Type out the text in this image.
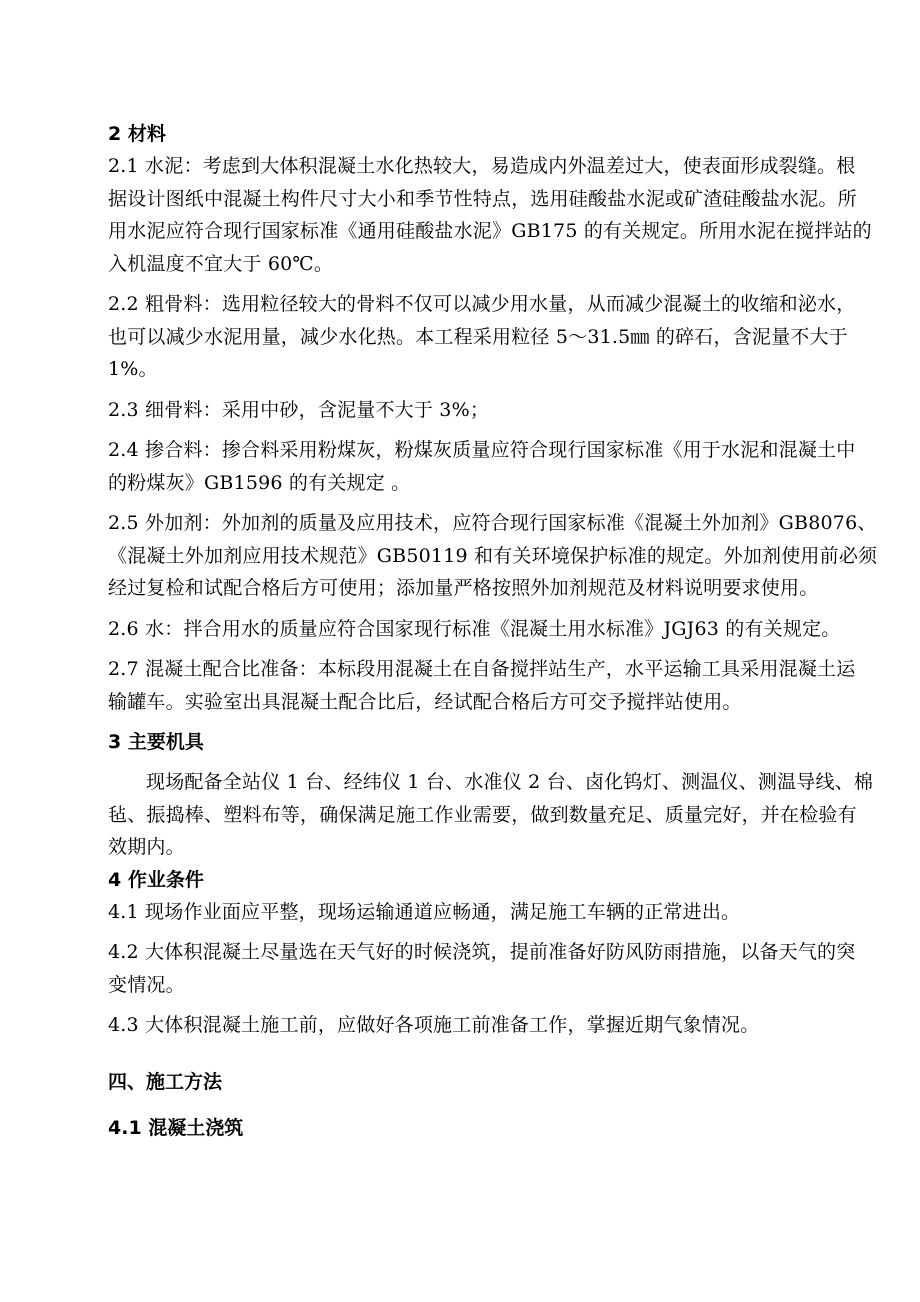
2 材料
2.1 水泥：考虑到大体积混凝土水化热较大，易造成内外温差过大，使表面形成裂缝。根
据设计图纸中混凝土构件尺寸大小和季节性特点，选用硅酸盐水泥或矿渣硅酸盐水泥。所
用水泥应符合现行国家标准《通用硅酸盐水泥》GB175 的有关规定。所用水泥在搅拌站的
入机温度不宜大于 60℃。
2.2 粗骨料：选用粒径较大的骨料不仅可以减少用水量，从而减少混凝土的收缩和泌水，
也可以减少水泥用量，减少水化热。本工程采用粒径 5～31.5㎜ 的碎石，含泥量不大于
1%。
2.3 细骨料：采用中砂，含泥量不大于 3%；
2.4 掺合料：掺合料采用粉煤灰，粉煤灰质量应符合现行国家标准《用于水泥和混凝土中
的粉煤灰》GB1596 的有关规定 。
2.5 外加剂：外加剂的质量及应用技术，应符合现行国家标准《混凝土外加剂》GB8076、
《混凝土外加剂应用技术规范》GB50119 和有关环境保护标准的规定。外加剂使用前必须
经过复检和试配合格后方可使用；添加量严格按照外加剂规范及材料说明要求使用。
2.6 水：拌合用水的质量应符合国家现行标准《混凝土用水标准》JGJ63 的有关规定。
2.7 混凝土配合比准备：本标段用混凝土在自备搅拌站生产，水平运输工具采用混凝土运
输罐车。实验室出具混凝土配合比后，经试配合格后方可交予搅拌站使用。
3 主要机具
现场配备全站仪 1 台、经纬仪 1 台、水准仪 2 台、卤化钨灯、测温仪、测温导线、棉
毡、振捣棒、塑料布等，确保满足施工作业需要，做到数量充足、质量完好，并在检验有
效期内。
4 作业条件
4.1 现场作业面应平整，现场运输通道应畅通，满足施工车辆的正常进出。
4.2 大体积混凝土尽量选在天气好的时候浇筑，提前准备好防风防雨措施，以备天气的突
变情况。
4.3 大体积混凝土施工前，应做好各项施工前准备工作，掌握近期气象情况。
四、施工方法
4.1 混凝土浇筑
